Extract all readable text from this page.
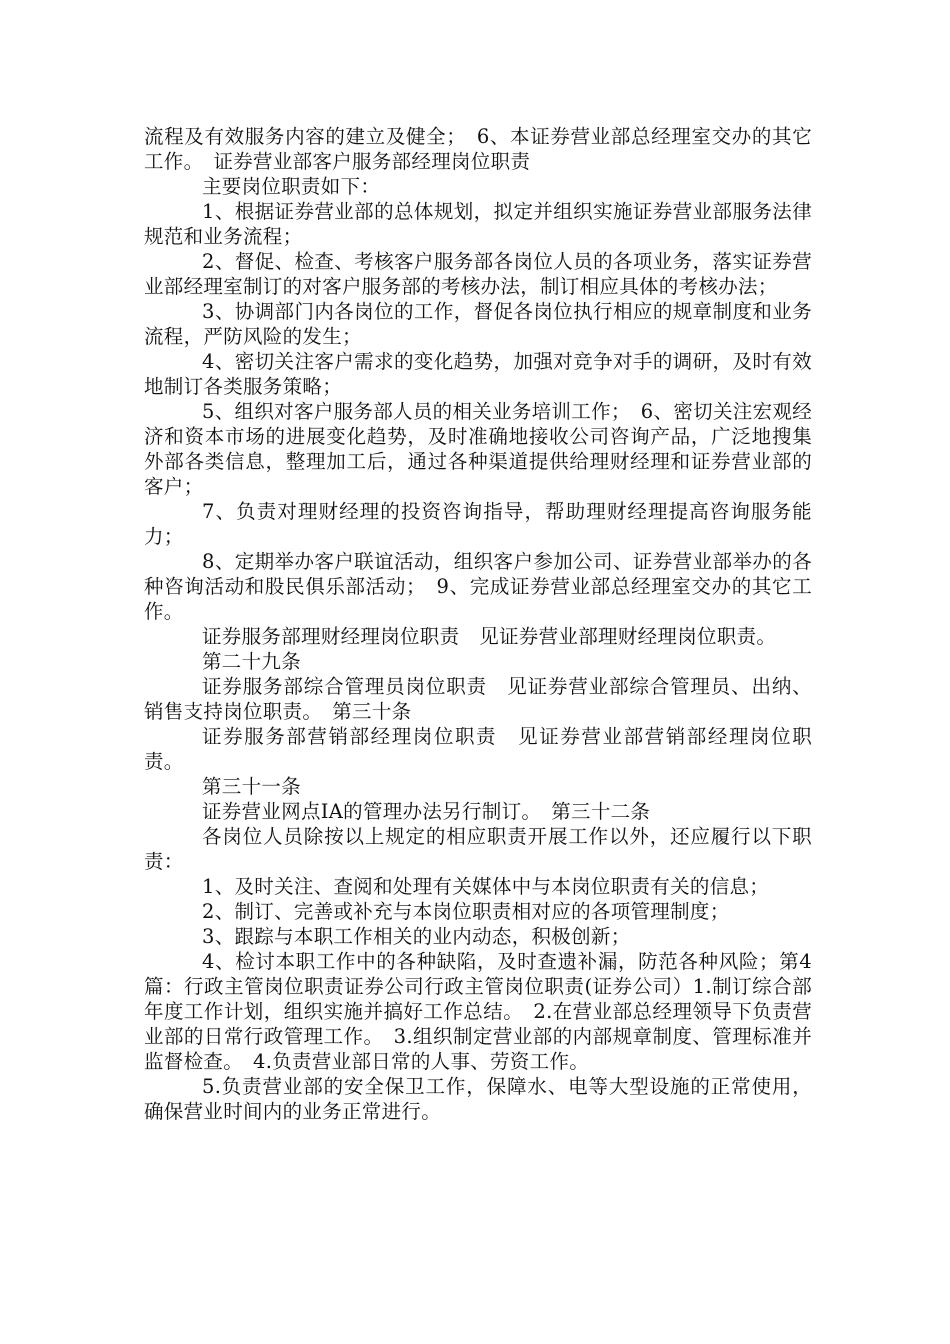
流程及有效服务内容的建立及健全；　6、本证券营业部总经理室交办的其它工作。　证券营业部客户服务部经理岗位职责

主要岗位职责如下：

1、根据证券营业部的总体规划，拟定并组织实施证券营业部服务法律规范和业务流程；

2、督促、检查、考核客户服务部各岗位人员的各项业务，落实证券营业部经理室制订的对客户服务部的考核办法，制订相应具体的考核办法；

3、协调部门内各岗位的工作，督促各岗位执行相应的规章制度和业务流程，严防风险的发生；

4、密切关注客户需求的变化趋势，加强对竞争对手的调研，及时有效地制订各类服务策略；

5、组织对客户服务部人员的相关业务培训工作；　6、密切关注宏观经济和资本市场的进展变化趋势，及时准确地接收公司咨询产品，广泛地搜集外部各类信息，整理加工后，通过各种渠道提供给理财经理和证券营业部的客户；

7、负责对理财经理的投资咨询指导，帮助理财经理提高咨询服务能力；

8、定期举办客户联谊活动，组织客户参加公司、证券营业部举办的各种咨询活动和股民俱乐部活动；　9、完成证券营业部总经理室交办的其它工作。

证券服务部理财经理岗位职责　见证券营业部理财经理岗位职责。

第二十九条

证券服务部综合管理员岗位职责　见证券营业部综合管理员、出纳、销售支持岗位职责。　第三十条

证券服务部营销部经理岗位职责　见证券营业部营销部经理岗位职责。

第三十一条

证券营业网点IA的管理办法另行制订。　第三十二条

各岗位人员除按以上规定的相应职责开展工作以外，还应履行以下职责：

1、及时关注、查阅和处理有关媒体中与本岗位职责有关的信息；

2、制订、完善或补充与本岗位职责相对应的各项管理制度；

3、跟踪与本职工作相关的业内动态，积极创新；

4、检讨本职工作中的各种缺陷，及时查遗补漏，防范各种风险；第4篇：行政主管岗位职责证券公司行政主管岗位职责(证券公司）1.制订综合部年度工作计划，组织实施并搞好工作总结。　2.在营业部总经理领导下负责营业部的日常行政管理工作。　3.组织制定营业部的内部规章制度、管理标准并监督检查。　4.负责营业部日常的人事、劳资工作。

5.负责营业部的安全保卫工作，保障水、电等大型设施的正常使用，确保营业时间内的业务正常进行。
